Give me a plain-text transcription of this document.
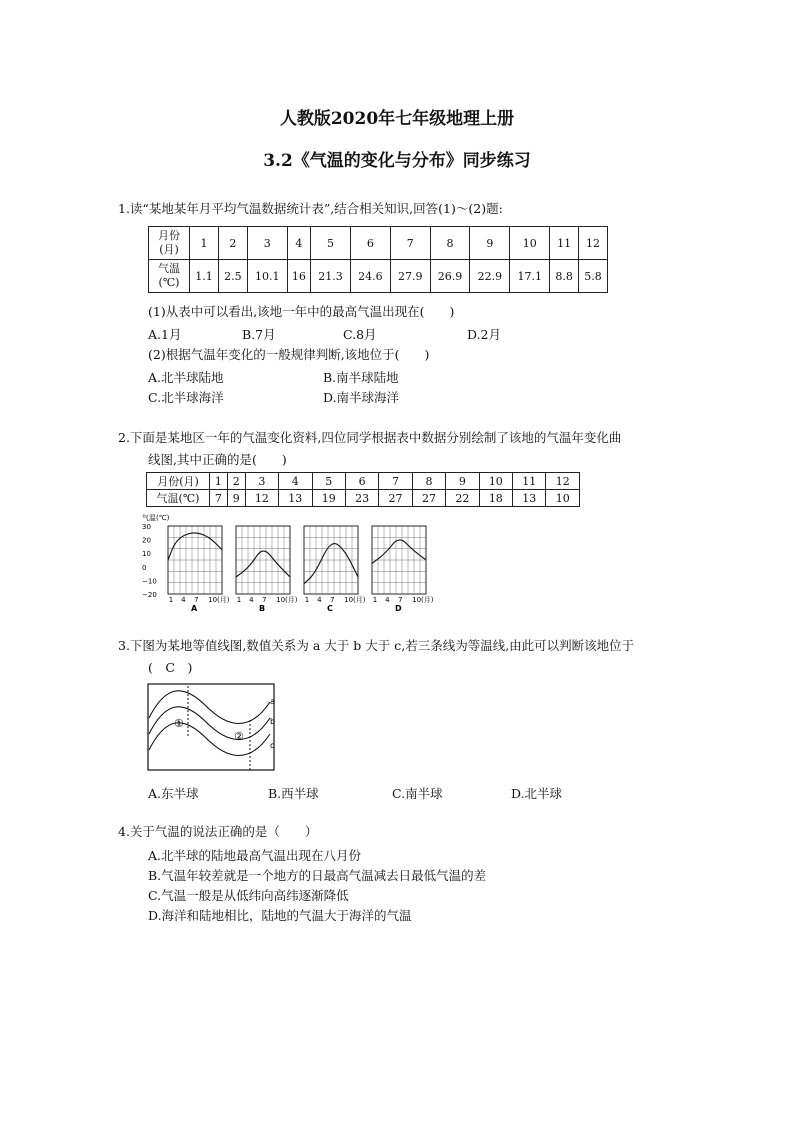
人教版2020年七年级地理上册
3.2《气温的变化与分布》同步练习
1.读“某地某年月平均气温数据统计表”,结合相关知识,回答(1)～(2)题:
月份
(月)	1	2	3	4	5	6	7	8	9	10	11	12
气温
(℃)	1.1	2.5	10.1	16	21.3	24.6	27.9	26.9	22.9	17.1	8.8	5.8
(1)从表中可以看出,该地一年中的最高气温出现在(　　)
A.1月	B.7月	C.8月	D.2月
(2)根据气温年变化的一般规律判断,该地位于(　　)
A.北半球陆地	B.南半球陆地
C.北半球海洋	D.南半球海洋
2.下面是某地区一年的气温变化资料,四位同学根据表中数据分别绘制了该地的气温年变化曲
线图,其中正确的是(　　)
月份(月)	1	2	3	4	5	6	7	8	9	10	11	12
气温(℃)	7	9	12	13	19	23	27	27	22	18	13	10
气温(℃)
30
20
10
0
−10
−20
1 4 7 10(月)
A
1 4 7 10(月)
B
1 4 7 10(月)
C
1 4 7 10(月)
D
3.下图为某地等值线图,数值关系为 a 大于 b 大于 c,若三条线为等温线,由此可以判断该地位于
(　C　)
①
②
a
b
c
A.东半球	B.西半球	C.南半球	D.北半球
4.关于气温的说法正确的是（　　）
A.北半球的陆地最高气温出现在八月份
B.气温年较差就是一个地方的日最高气温减去日最低气温的差
C.气温一般是从低纬向高纬逐渐降低
D.海洋和陆地相比，陆地的气温大于海洋的气温
